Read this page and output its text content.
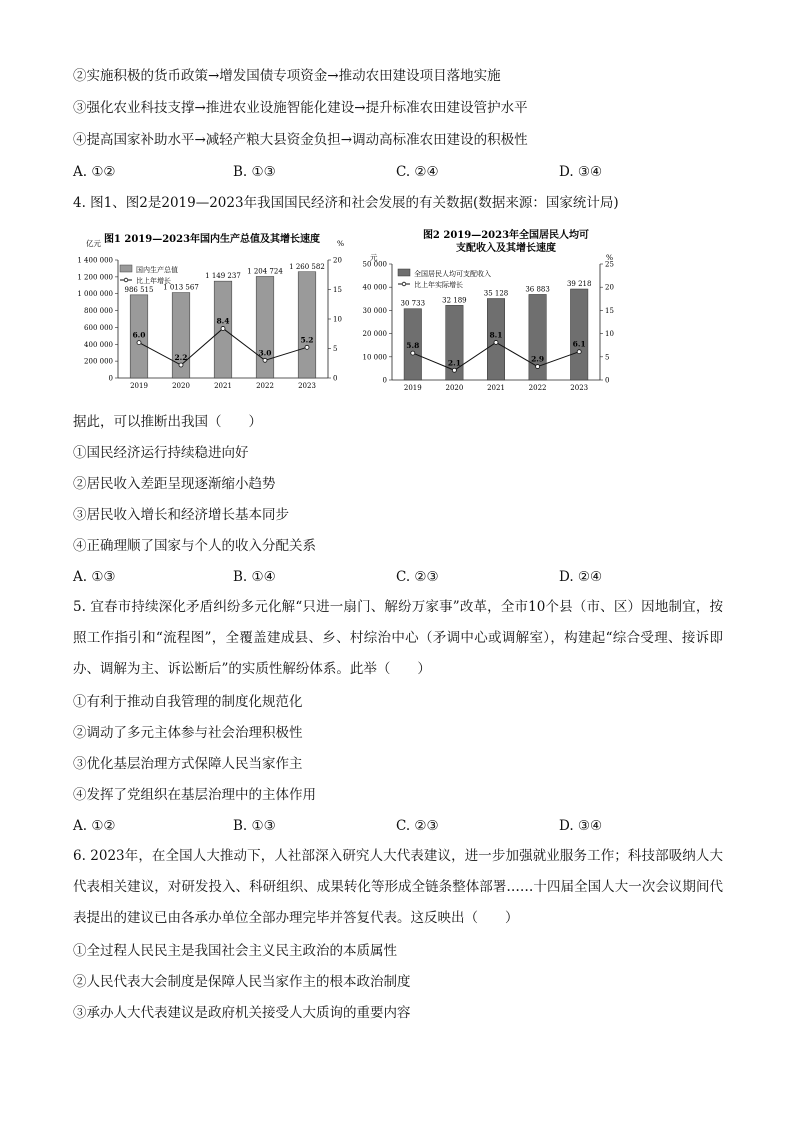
②实施积极的货币政策→增发国债专项资金→推动农田建设项目落地实施
③强化农业科技支撑→推进农业设施智能化建设→提升标准农田建设管护水平
④提高国家补助水平→减轻产粮大县资金负担→调动高标准农田建设的积极性
A. ①②	B. ①③	C. ②④	D. ③④
4. 图1、图2是2019—2023年我国国民经济和社会发展的有关数据(数据来源：国家统计局)
图1 2019—2023年国内生产总值及其增长速度
亿元	%
0
200 000
400 000
600 000
800 000
1 000 000
1 200 000
1 400 000
0
5
10
15
20
986 515 1 013 567
1 149 237
1 204 724
1 260 582
6.0
2.2
8.4
3.0
5.2
2019	2020	2021	2022	2023
国内生产总值
比上年增长
图2 2019—2023年全国居民人均可
支配收入及其增长速度
元	%
0
10 000
20 000
30 000
40 000
50 000
0
5
10
15
20
25
30 733 32 189
35 128
36 883
39 218
5.8
2.1
8.1
2.9
6.1
2019	2020	2021	2022	2023
全国居民人均可支配收入
比上年实际增长
据此，可以推断出我国（　　）
①国民经济运行持续稳进向好
②居民收入差距呈现逐渐缩小趋势
③居民收入增长和经济增长基本同步
④正确理顺了国家与个人的收入分配关系
A. ①③	B. ①④	C. ②③	D. ②④
5. 宜春市持续深化矛盾纠纷多元化解“只进一扇门、解纷万家事”改革，全市10个县（市、区）因地制宜，按照工作指引和“流程图”，全覆盖建成县、乡、村综治中心（矛调中心或调解室），构建起“综合受理、接诉即办、调解为主、诉讼断后”的实质性解纷体系。此举（　　）
①有利于推动自我管理的制度化规范化
②调动了多元主体参与社会治理积极性
③优化基层治理方式保障人民当家作主
④发挥了党组织在基层治理中的主体作用
A. ①②	B. ①③	C. ②③	D. ③④
6. 2023年，在全国人大推动下，人社部深入研究人大代表建议，进一步加强就业服务工作；科技部吸纳人大代表相关建议，对研发投入、科研组织、成果转化等形成全链条整体部署……十四届全国人大一次会议期间代表提出的建议已由各承办单位全部办理完毕并答复代表。这反映出（　　）
①全过程人民民主是我国社会主义民主政治的本质属性
②人民代表大会制度是保障人民当家作主的根本政治制度
③承办人大代表建议是政府机关接受人大质询的重要内容
